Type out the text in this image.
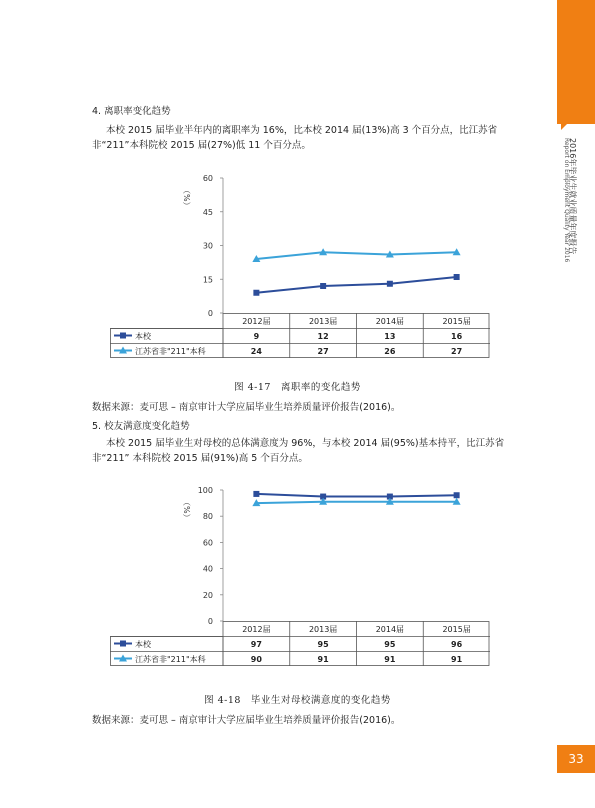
2016年毕业生就业质量年度报告
Report on Employment Quality Year 2016
4. 离职率变化趋势
本校 2015 届毕业半年内的离职率为 16%，比本校 2014 届(13%)高 3 个百分点，比江苏省非“211”本科院校 2015 届(27%)低 11 个百分点。
（%）
0
15
30
45
60
2012届	2013届	2014届	2015届
本校	9	12	13	16
江苏省非"211"本科	24	27	26	27
图 4-17　离职率的变化趋势
数据来源：麦可思 – 南京审计大学应届毕业生培养质量评价报告(2016)。
5. 校友满意度变化趋势
本校 2015 届毕业生对母校的总体满意度为 96%，与本校 2014 届(95%)基本持平，比江苏省非“211” 本科院校 2015 届(91%)高 5 个百分点。
（%）
0
20
40
60
80
100
2012届	2013届	2014届	2015届
本校	97	95	95	96
江苏省非"211"本科	90	91	91	91
图 4-18　毕业生对母校满意度的变化趋势
数据来源：麦可思 – 南京审计大学应届毕业生培养质量评价报告(2016)。
33
